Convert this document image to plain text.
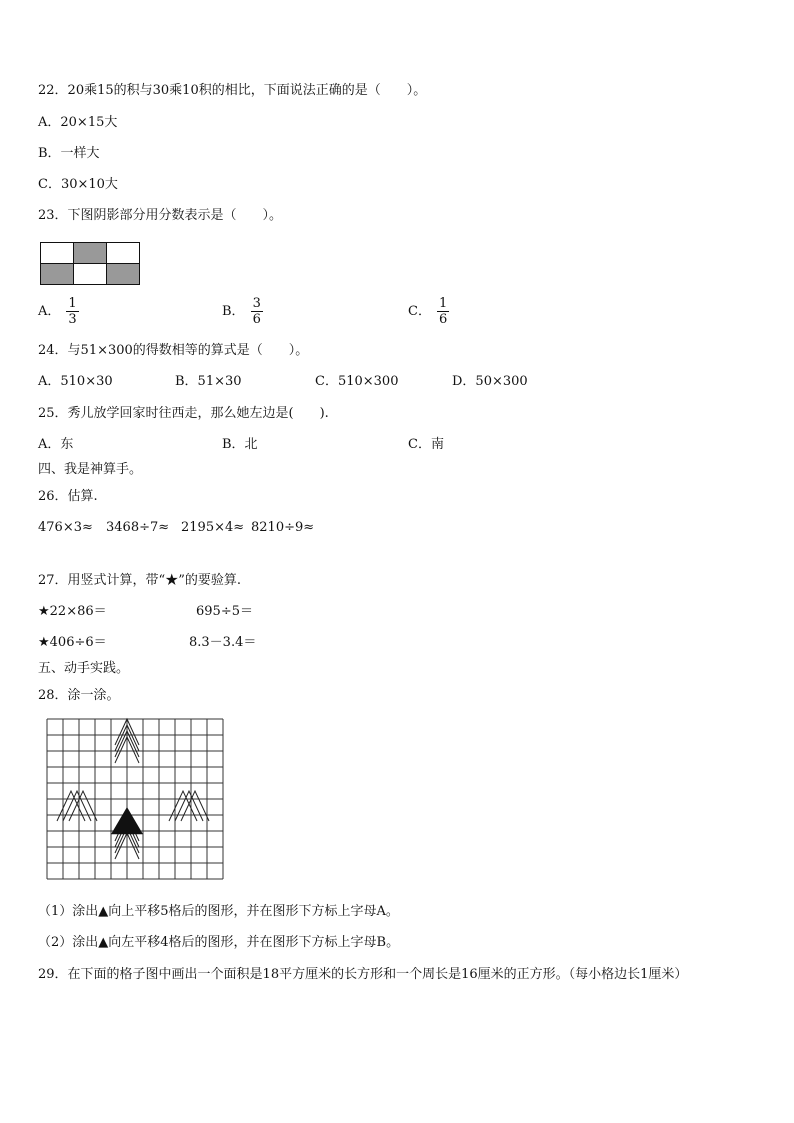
22．20乘15的积与30乘10积的相比，下面说法正确的是（　　）。
A．20×15大
B．一样大
C．30×10大
23．下图阴影部分用分数表示是（　　）。

A． $\frac{1}{3}$	B． $\frac{3}{6}$	C． $\frac{1}{6}$
24．与51×300的得数相等的算式是（　　）。
A．510×30	B．51×30	C．510×300	D．50×300
25．秀儿放学回家时往西走，那么她左边是(　　).
A．东	B．北	C．南
四、我是神算手。
26．估算.
476×3≈ 3468÷7≈ 2195×4≈ 8210÷9≈
27．用竖式计算，带“★”的要验算.
★22×86＝	695÷5＝
★406÷6＝	8.3－3.4＝
五、动手实践。
28．涂一涂。
（1）涂出▲向上平移5格后的图形，并在图形下方标上字母A。
（2）涂出▲向左平移4格后的图形，并在图形下方标上字母B。
29．在下面的格子图中画出一个面积是18平方厘米的长方形和一个周长是16厘米的正方形。（每小格边长1厘米）
